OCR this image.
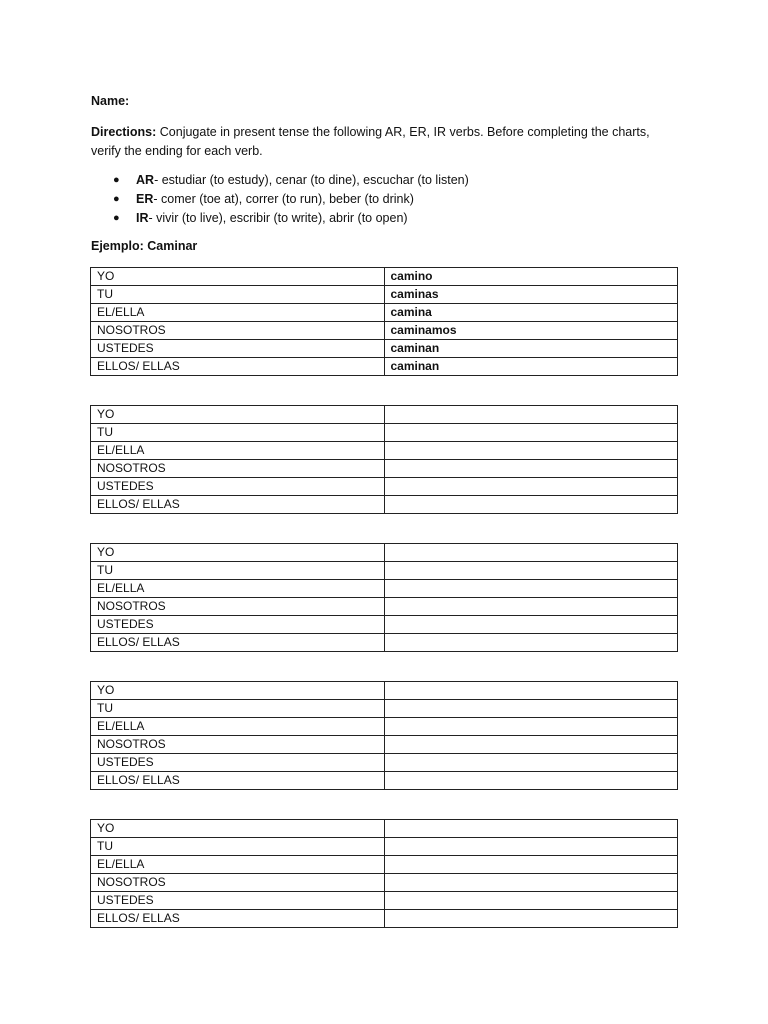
Name:
Directions: Conjugate in present tense the following AR, ER, IR verbs. Before completing the charts, verify the ending for each verb.
● AR- estudiar (to estudy), cenar (to dine), escuchar (to listen)
● ER- comer (toe at), correr (to run), beber (to drink)
● IR- vivir (to live), escribir (to write), abrir (to open)
Ejemplo: Caminar
YO	camino
TU	caminas
EL/ELLA	camina
NOSOTROS	caminamos
USTEDES	caminan
ELLOS/ ELLAS	caminan
YO	
TU	
EL/ELLA	
NOSOTROS	
USTEDES	
ELLOS/ ELLAS	
YO	
TU	
EL/ELLA	
NOSOTROS	
USTEDES	
ELLOS/ ELLAS	
YO	
TU	
EL/ELLA	
NOSOTROS	
USTEDES	
ELLOS/ ELLAS	
YO	
TU	
EL/ELLA	
NOSOTROS	
USTEDES	
ELLOS/ ELLAS	
